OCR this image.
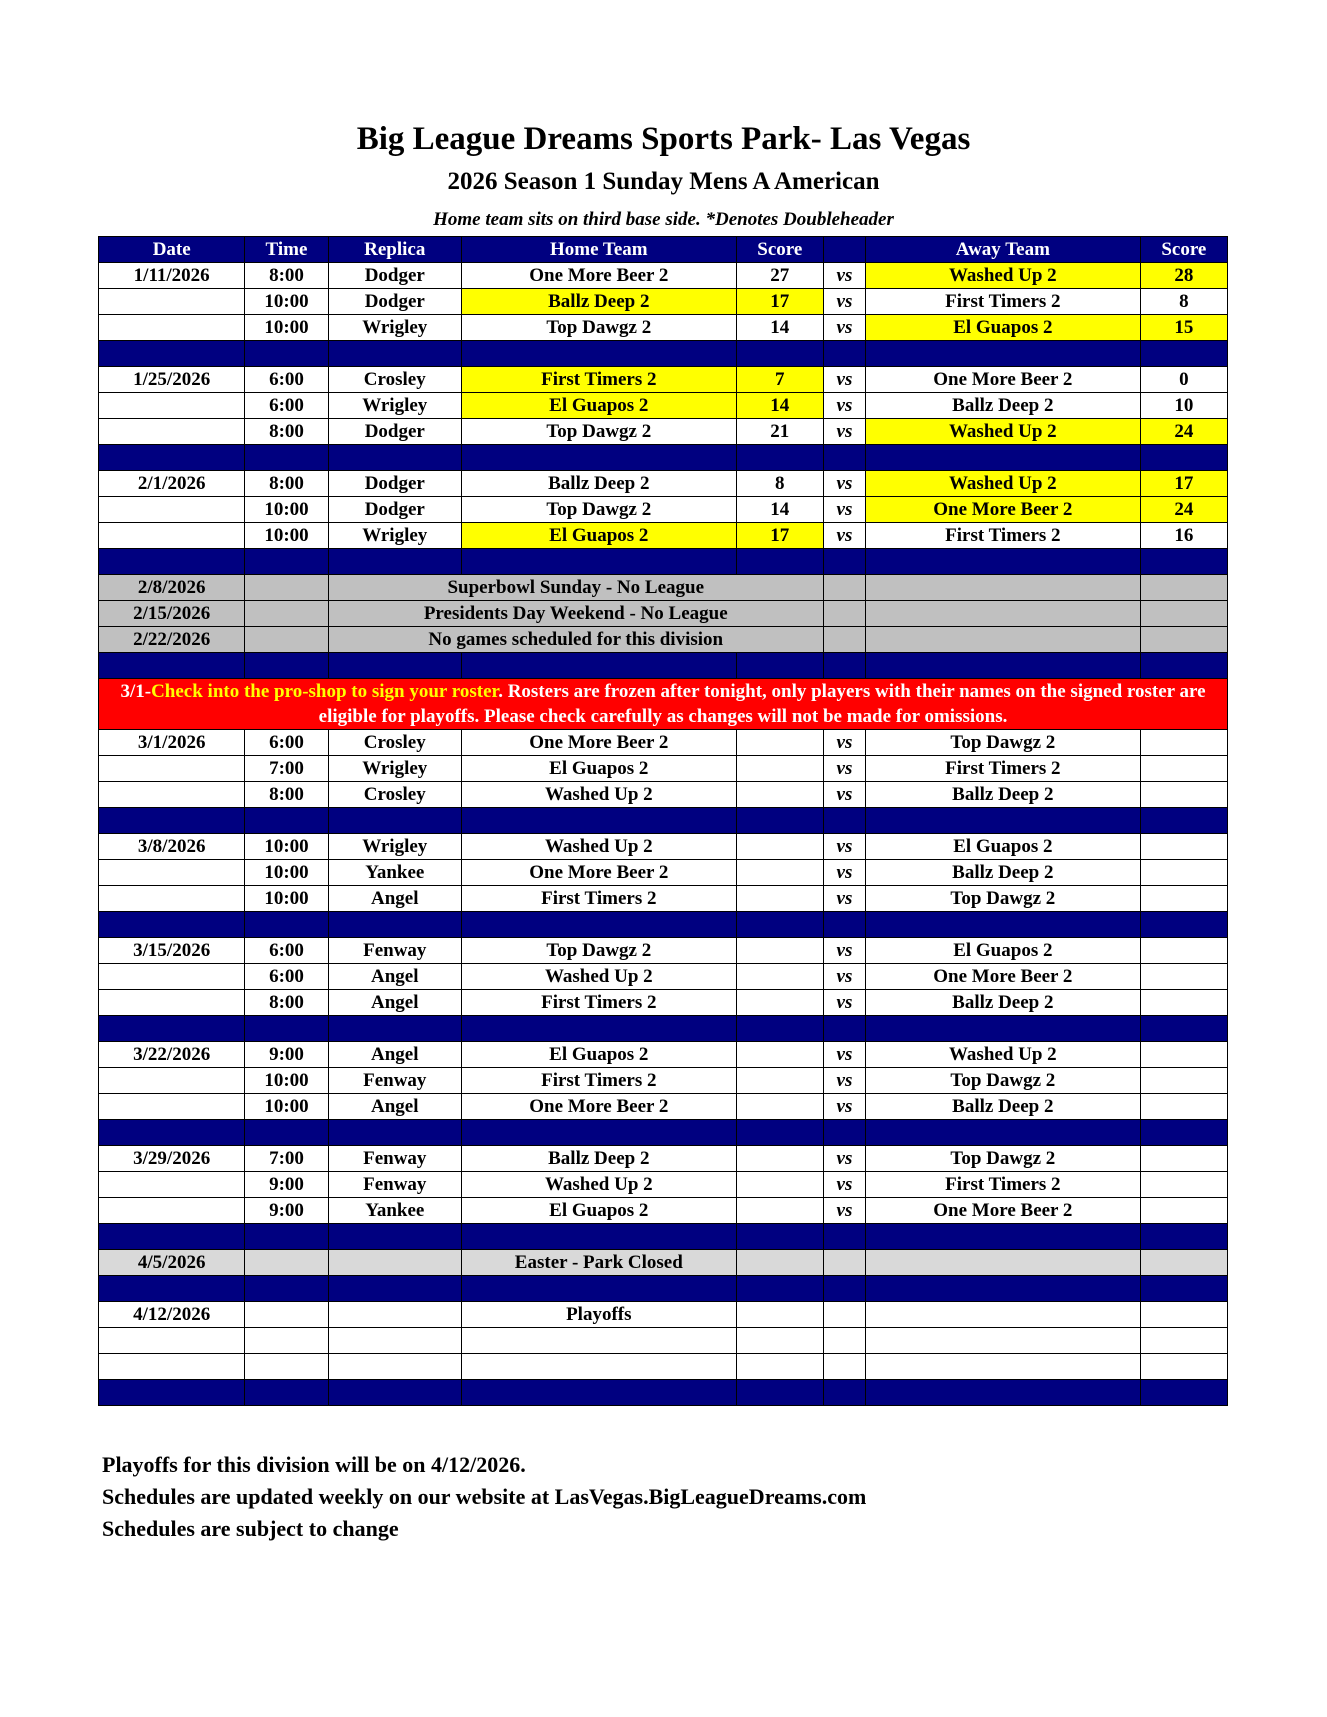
Big League Dreams Sports Park- Las Vegas
2026 Season 1 Sunday Mens A American
Home team sits on third base side. *Denotes Doubleheader
Date	Time	Replica	Home Team	Score		Away Team	Score
1/11/2026	8:00	Dodger	One More Beer 2	27	vs	Washed Up 2	28
	10:00	Dodger	Ballz Deep 2	17	vs	First Timers 2	8
	10:00	Wrigley	Top Dawgz 2	14	vs	El Guapos 2	15

1/25/2026	6:00	Crosley	First Timers 2	7	vs	One More Beer 2	0
	6:00	Wrigley	El Guapos 2	14	vs	Ballz Deep 2	10
	8:00	Dodger	Top Dawgz 2	21	vs	Washed Up 2	24

2/1/2026	8:00	Dodger	Ballz Deep 2	8	vs	Washed Up 2	17
	10:00	Dodger	Top Dawgz 2	14	vs	One More Beer 2	24
	10:00	Wrigley	El Guapos 2	17	vs	First Timers 2	16

2/8/2026		Superbowl Sunday - No League					
2/15/2026		Presidents Day Weekend - No League					
2/22/2026		No games scheduled for this division					

3/1-Check into the pro-shop to sign your roster. Rosters are frozen after tonight, only players with their names on the signed roster are eligible for playoffs. Please check carefully as changes will not be made for omissions.							
3/1/2026	6:00	Crosley	One More Beer 2		vs	Top Dawgz 2	
	7:00	Wrigley	El Guapos 2		vs	First Timers 2	
	8:00	Crosley	Washed Up 2		vs	Ballz Deep 2	

3/8/2026	10:00	Wrigley	Washed Up 2		vs	El Guapos 2	
	10:00	Yankee	One More Beer 2		vs	Ballz Deep 2	
	10:00	Angel	First Timers 2		vs	Top Dawgz 2	

3/15/2026	6:00	Fenway	Top Dawgz 2		vs	El Guapos 2	
	6:00	Angel	Washed Up 2		vs	One More Beer 2	
	8:00	Angel	First Timers 2		vs	Ballz Deep 2	

3/22/2026	9:00	Angel	El Guapos 2		vs	Washed Up 2	
	10:00	Fenway	First Timers 2		vs	Top Dawgz 2	
	10:00	Angel	One More Beer 2		vs	Ballz Deep 2	

3/29/2026	7:00	Fenway	Ballz Deep 2		vs	Top Dawgz 2	
	9:00	Fenway	Washed Up 2		vs	First Timers 2	
	9:00	Yankee	El Guapos 2		vs	One More Beer 2	

4/5/2026			Easter - Park Closed				

4/12/2026			Playoffs				

Playoffs for this division will be on 4/12/2026.
Schedules are updated weekly on our website at LasVegas.BigLeagueDreams.com
Schedules are subject to change
